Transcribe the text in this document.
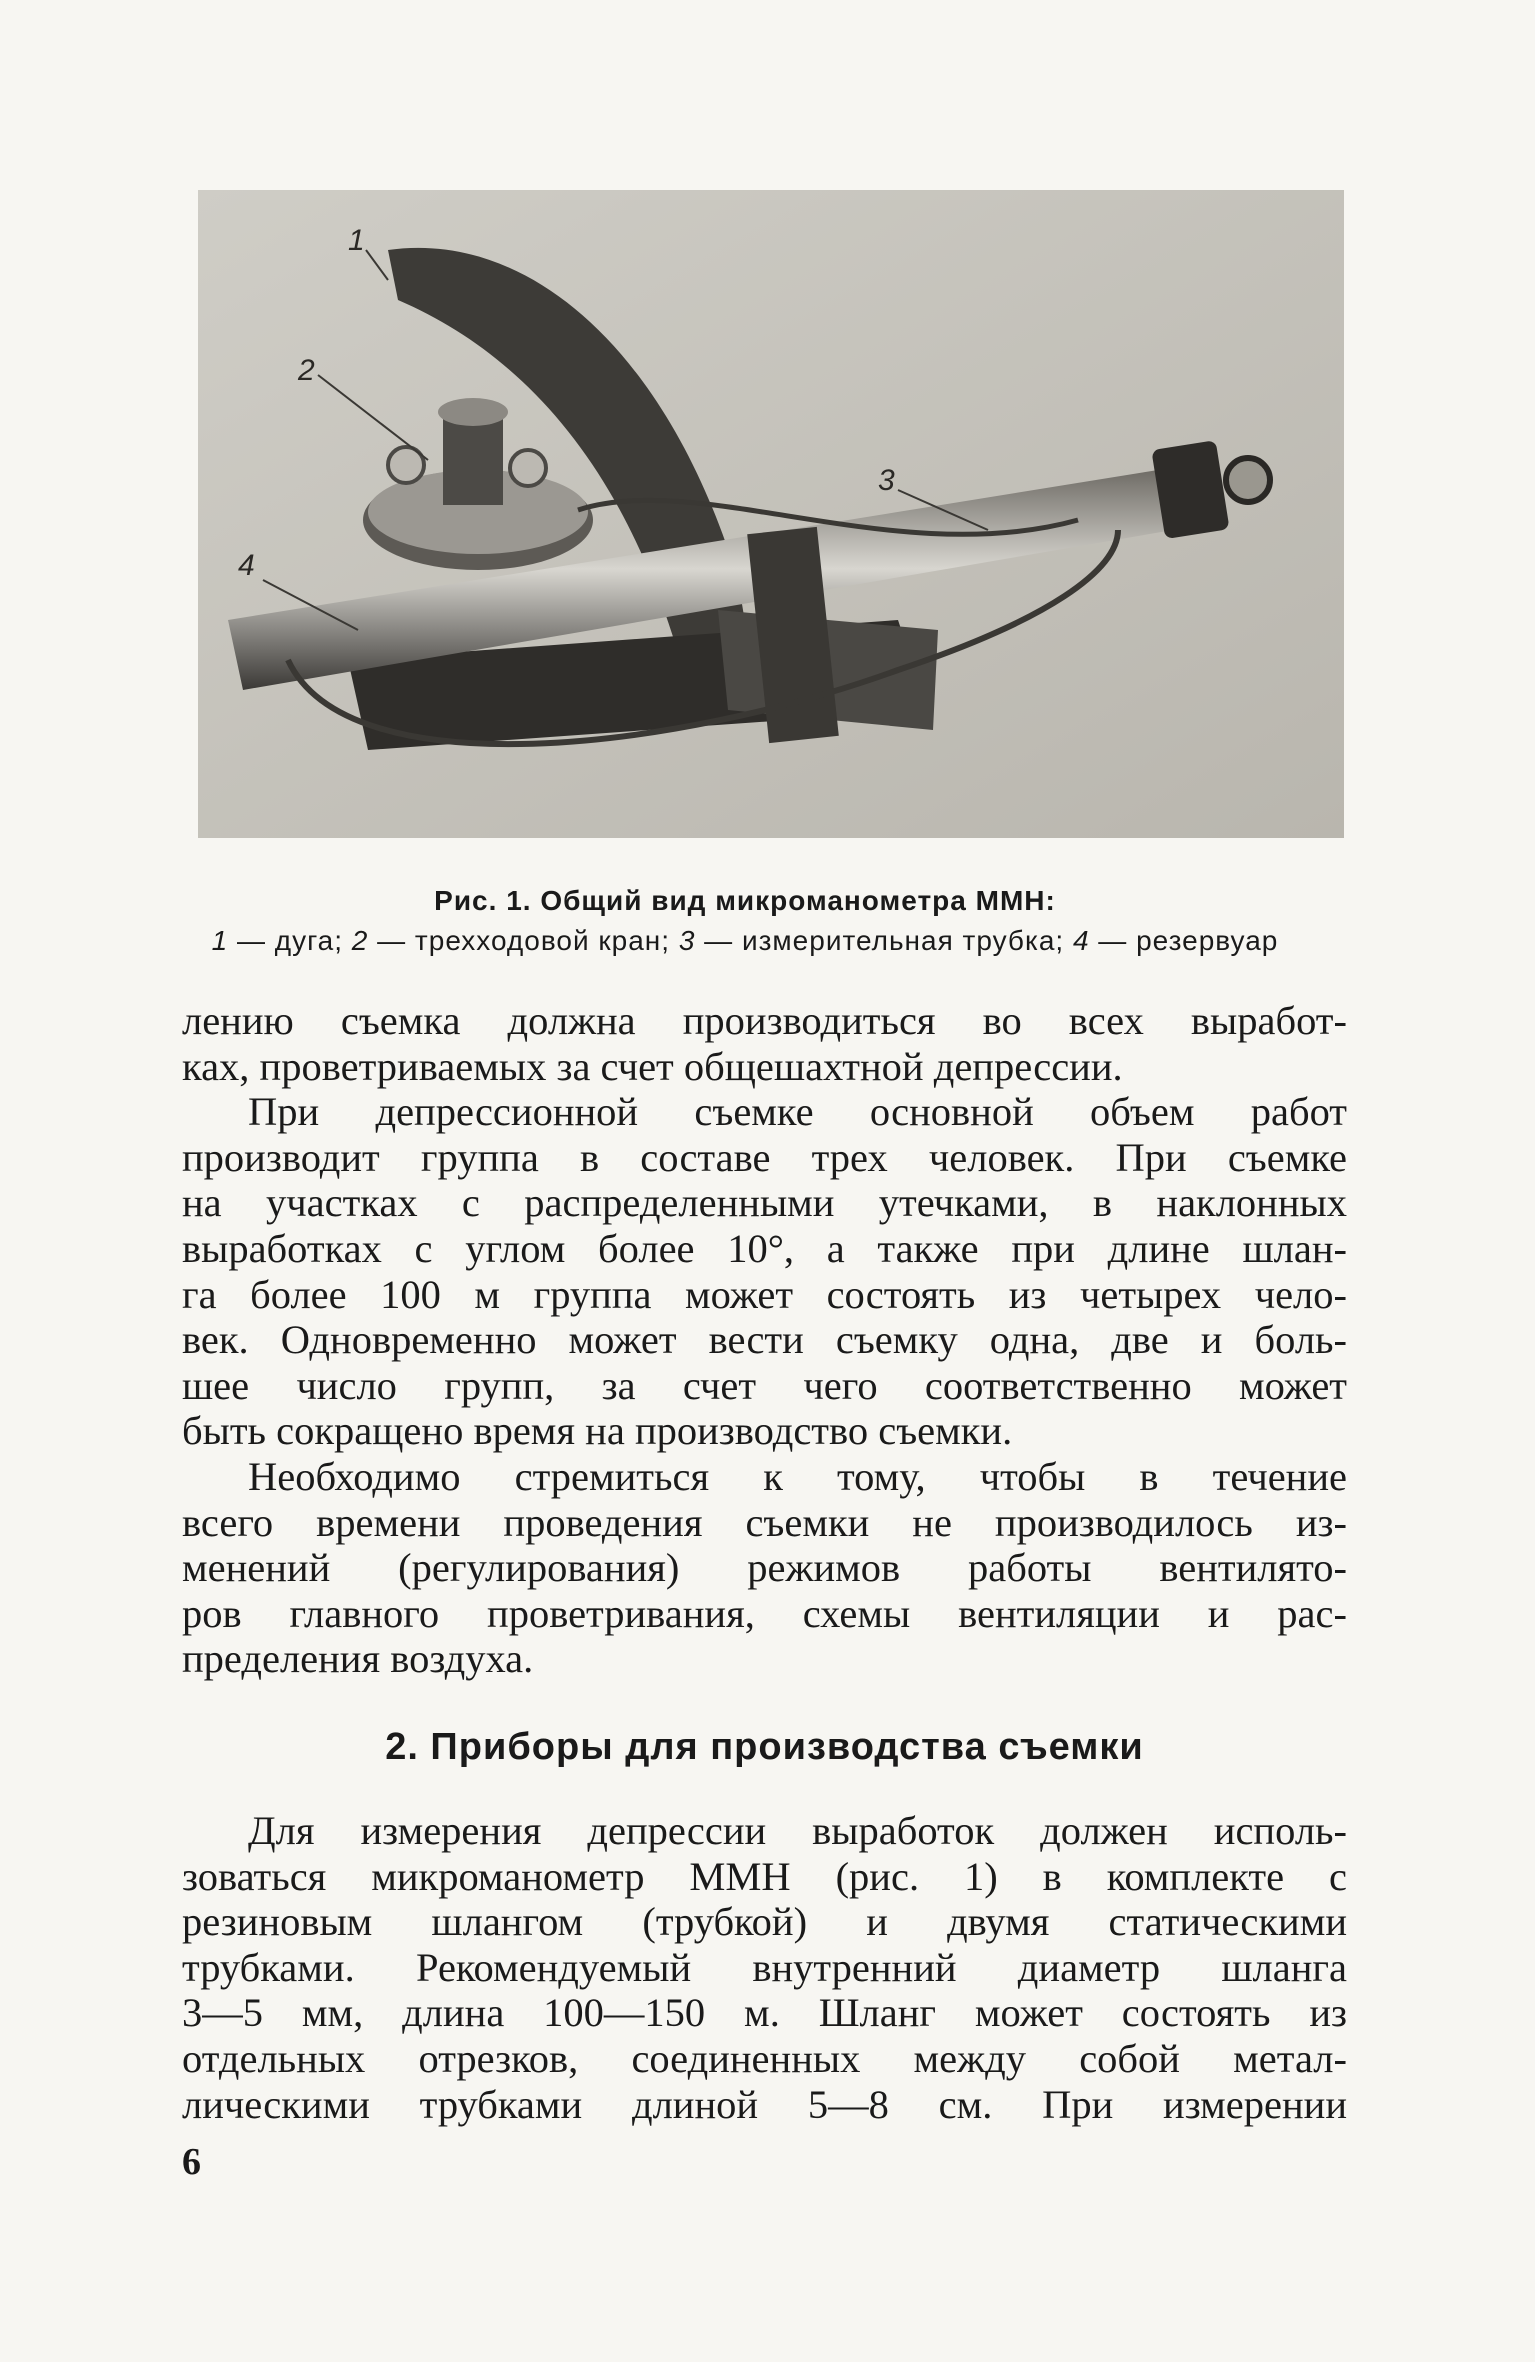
1
2
3
4
Рис. 1. Общий вид микроманометра ММН:
1 — дуга; 2 — трехходовой кран; 3 — измерительная трубка; 4 — резервуар
лению съемка должна производиться во всех выработ-
ках, проветриваемых за счет общешахтной депрессии.
При депрессионной съемке основной объем работ
производит группа в составе трех человек. При съемке
на участках с распределенными утечками, в наклонных
выработках с углом более 10°, а также при длине шлан-
га более 100 м группа может состоять из четырех чело-
век. Одновременно может вести съемку одна, две и боль-
шее число групп, за счет чего соответственно может
быть сокращено время на производство съемки.
Необходимо стремиться к тому, чтобы в течение
всего времени проведения съемки не производилось из-
менений (регулирования) режимов работы вентилято-
ров главного проветривания, схемы вентиляции и рас-
пределения воздуха.
2. Приборы для производства съемки
Для измерения депрессии выработок должен исполь-
зоваться микроманометр ММН (рис. 1) в комплекте с
резиновым шлангом (трубкой) и двумя статическими
трубками. Рекомендуемый внутренний диаметр шланга
3—5 мм, длина 100—150 м. Шланг может состоять из
отдельных отрезков, соединенных между собой метал-
лическими трубками длиной 5—8 см. При измерении
6
